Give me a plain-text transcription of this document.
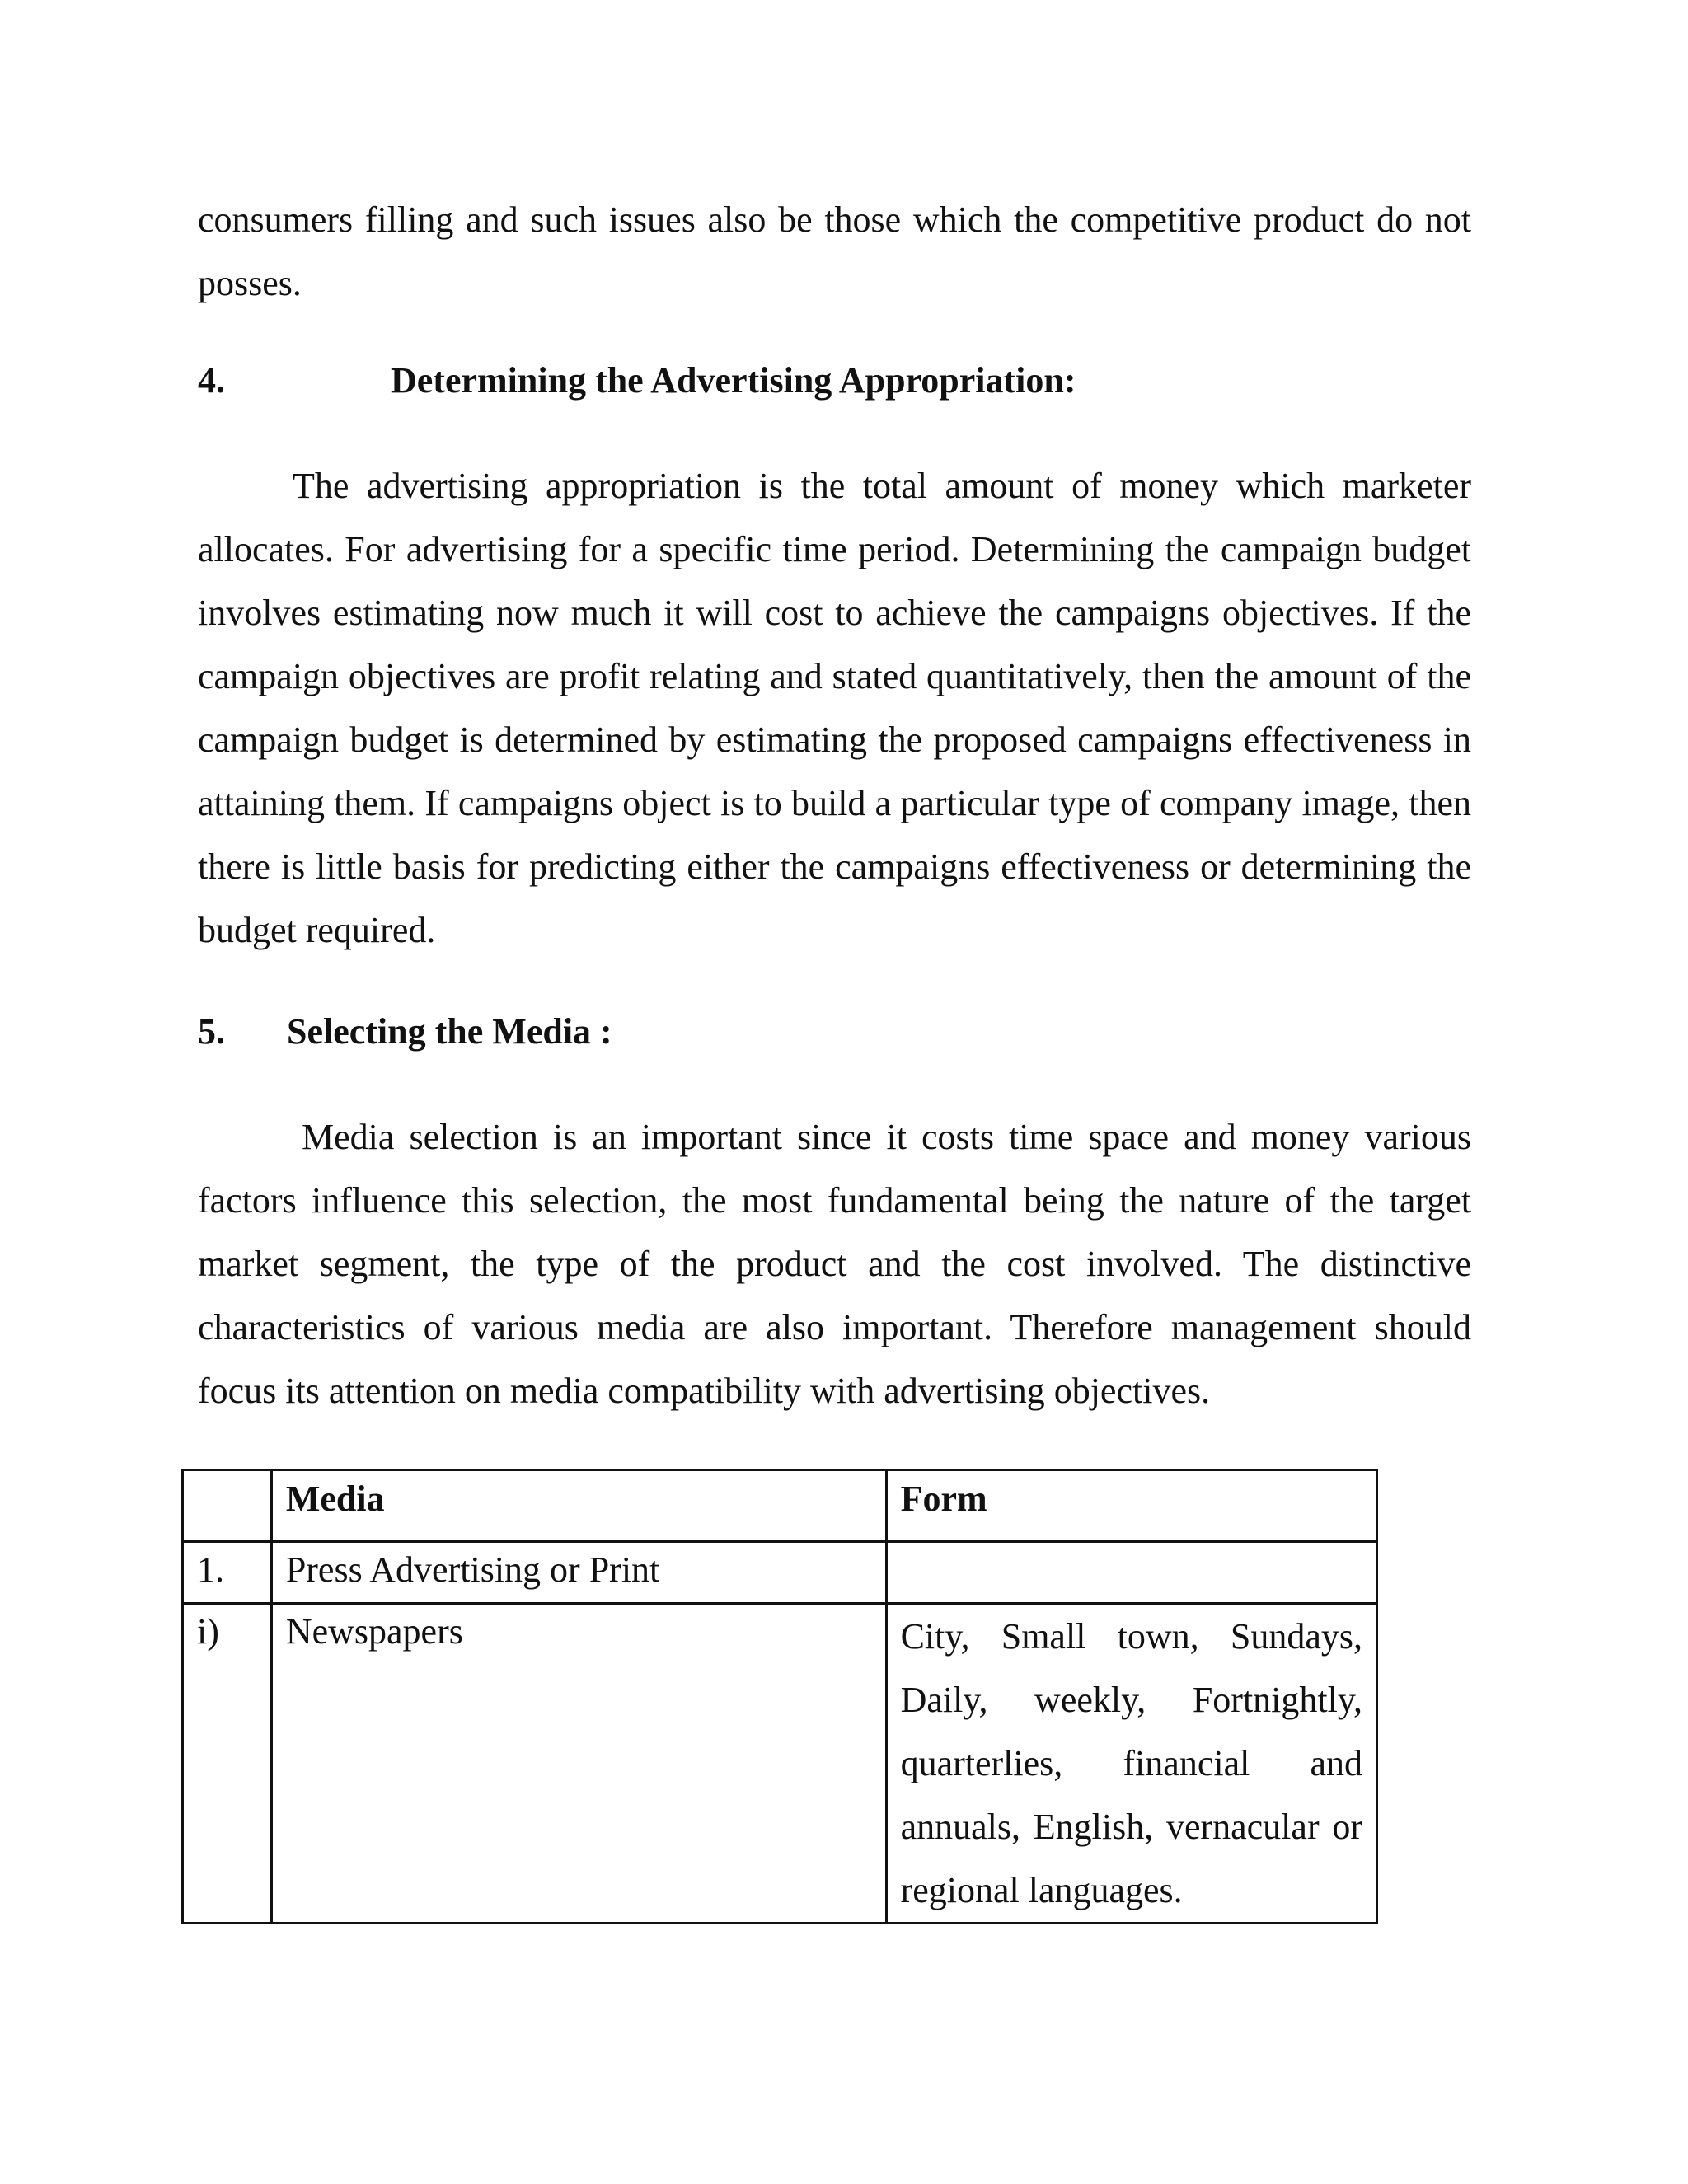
consumers filling and such issues also be those which the competitive product do not posses.

4.	Determining the Advertising Appropriation:

The advertising appropriation is the total amount of money which marketer allocates. For advertising for a specific time period. Determining the campaign budget involves estimating now much it will cost to achieve the campaigns objectives. If the campaign objectives are profit relating and stated quantitatively, then the amount of the campaign budget is determined by estimating the proposed campaigns effectiveness in attaining them. If campaigns object is to build a particular type of company image, then there is little basis for predicting either the campaigns effectiveness or determining the budget required.

5. Selecting the Media :

Media selection is an important since it costs time space and money various factors influence this selection, the most fundamental being the nature of the target market segment, the type of the product and the cost involved. The distinctive characteristics of various media are also important. Therefore management should focus its attention on media compatibility with advertising objectives.

	Media	Form
1.	Press Advertising or Print	
i)	Newspapers	City, Small town, Sundays, Daily, weekly, Fortnightly, quarterlies, financial and annuals, English, vernacular or regional languages.
